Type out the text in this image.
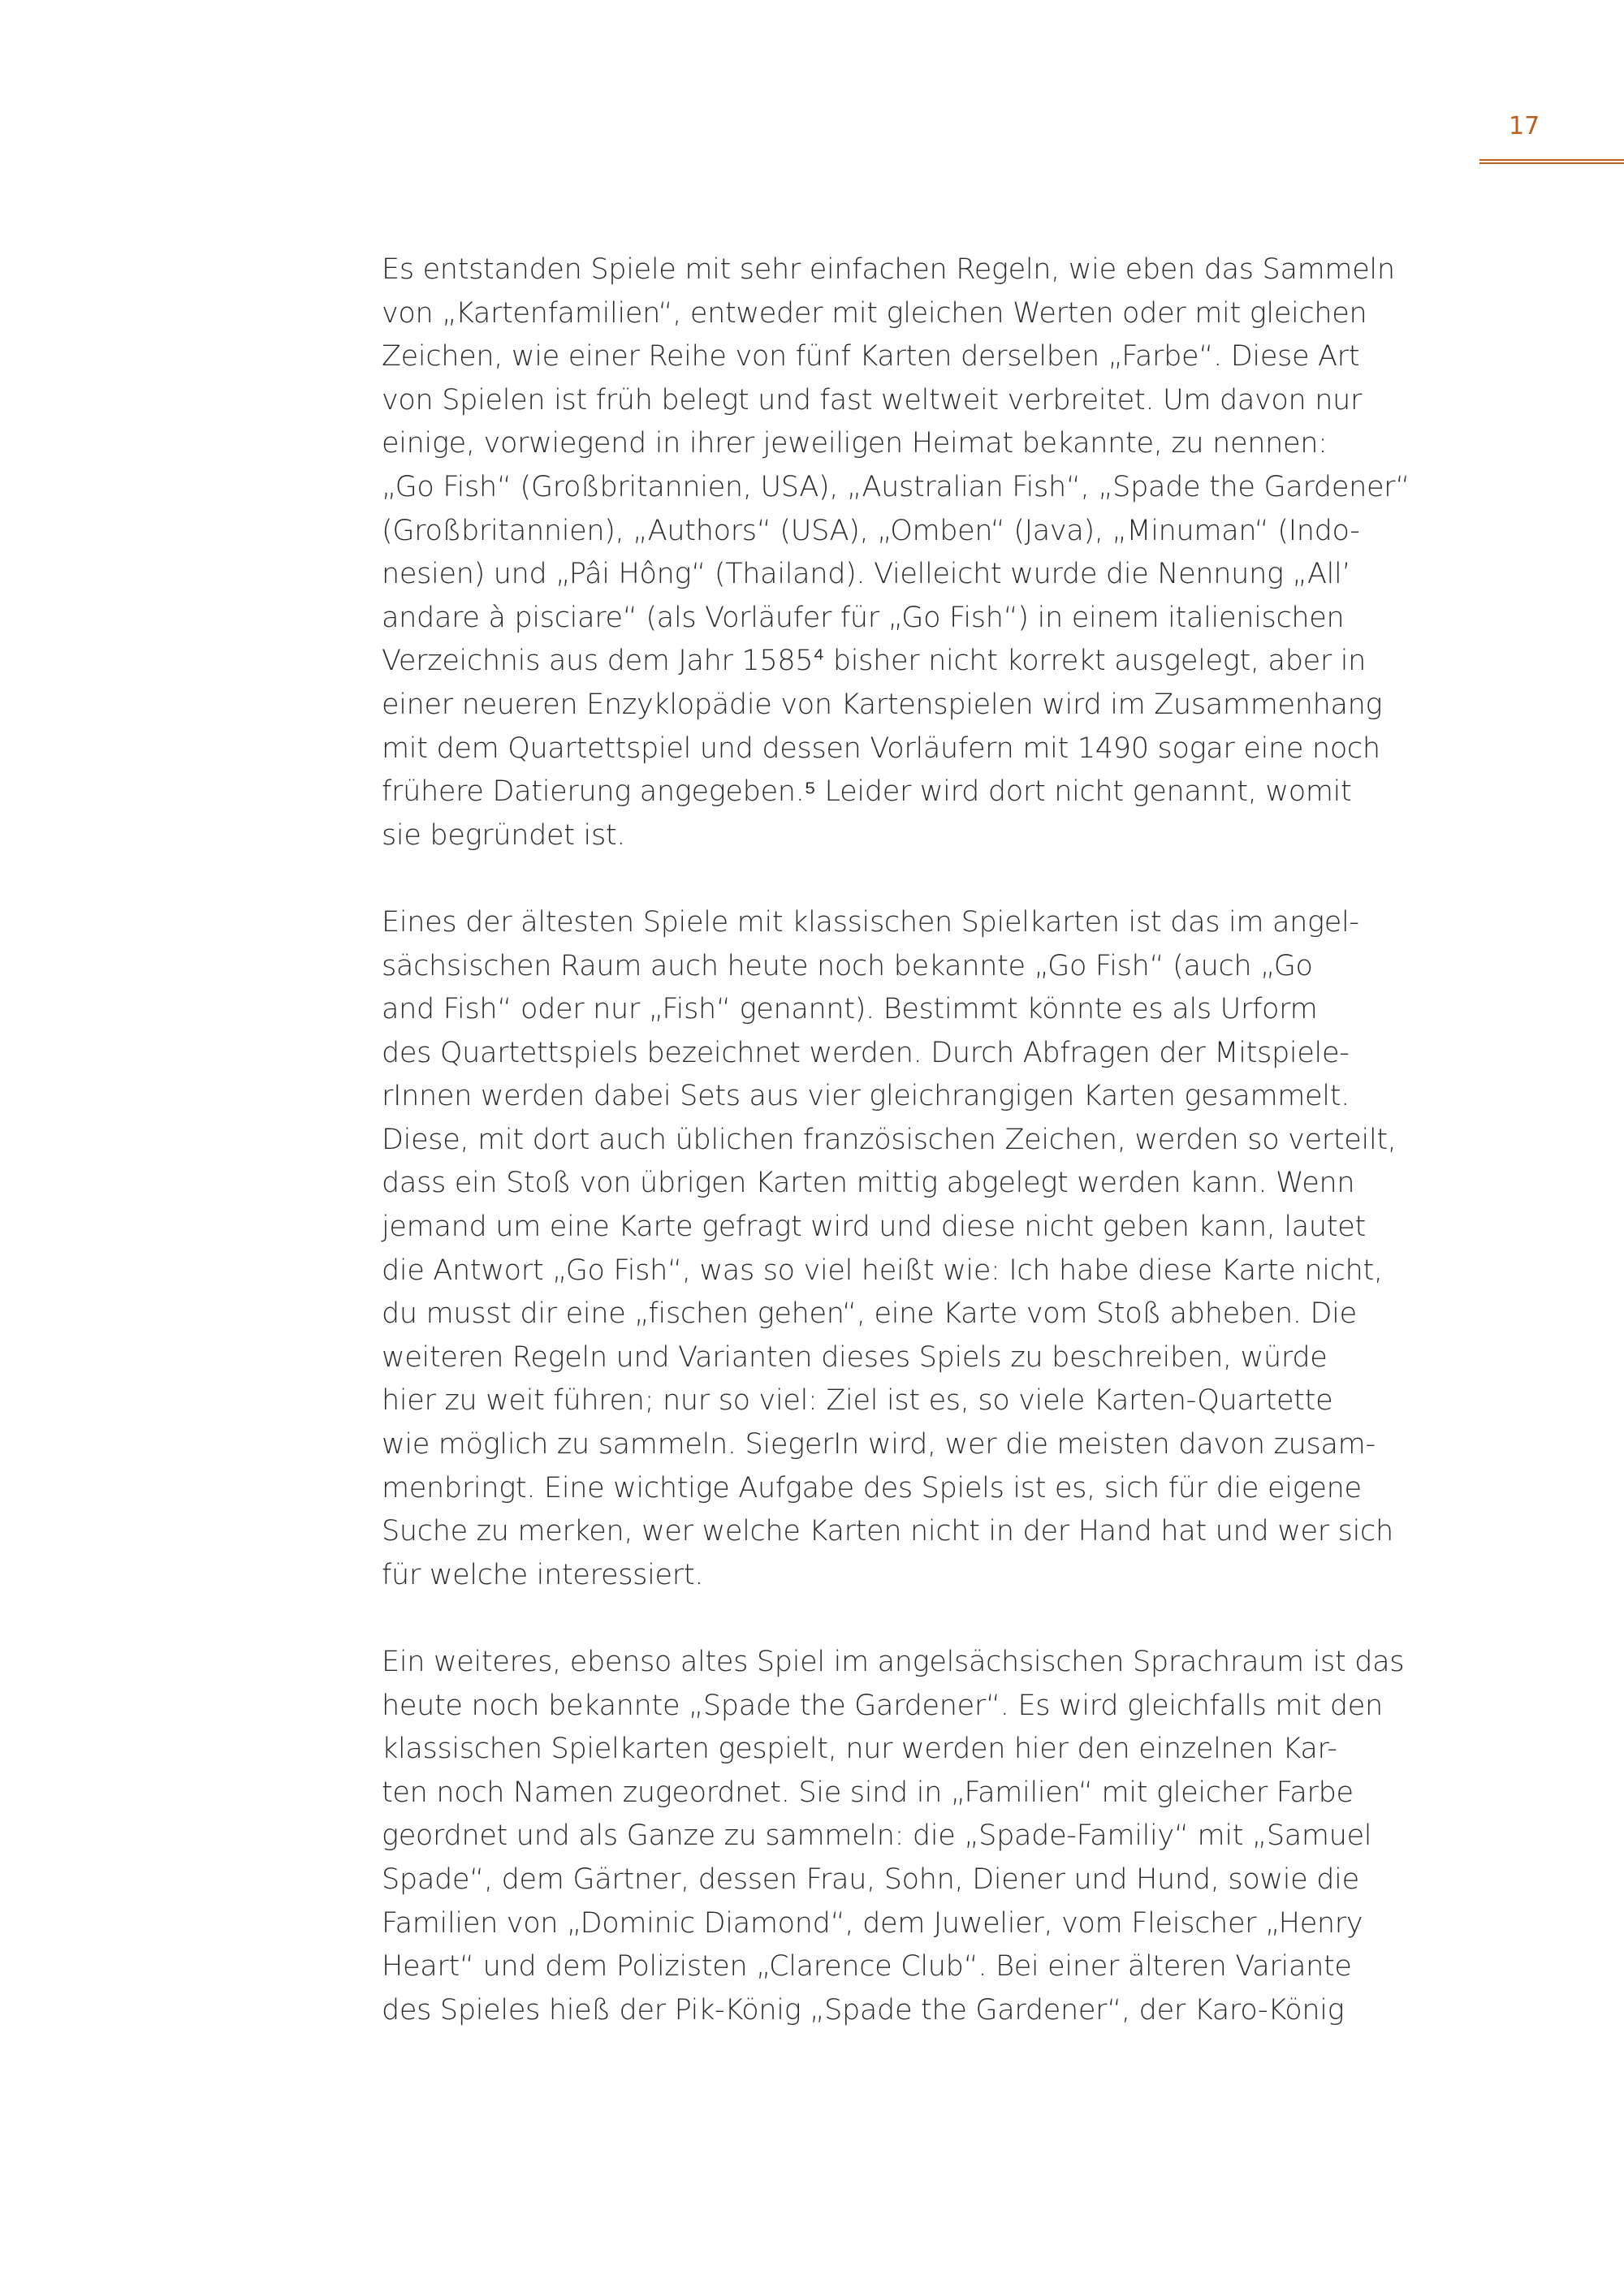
17

Es entstanden Spiele mit sehr einfachen Regeln, wie eben das Sammeln
von „Kartenfamilien“, entweder mit gleichen Werten oder mit gleichen
Zeichen, wie einer Reihe von fünf Karten derselben „Farbe“. Diese Art
von Spielen ist früh belegt und fast weltweit verbreitet. Um davon nur
einige, vorwiegend in ihrer jeweiligen Heimat bekannte, zu nennen:
„Go Fish“ (Großbritannien, USA), „Australian Fish“, „Spade the Gardener“
(Großbritannien), „Authors“ (USA), „Omben“ (Java), „Minuman“ (Indo-
nesien) und „Pâi Hông“ (Thailand). Vielleicht wurde die Nennung „All’
andare à pisciare“ (als Vorläufer für „Go Fish“) in einem italienischen
Verzeichnis aus dem Jahr 1585⁴ bisher nicht korrekt ausgelegt, aber in
einer neueren Enzyklopädie von Kartenspielen wird im Zusammenhang
mit dem Quartettspiel und dessen Vorläufern mit 1490 sogar eine noch
frühere Datierung angegeben.⁵ Leider wird dort nicht genannt, womit
sie begründet ist.

Eines der ältesten Spiele mit klassischen Spielkarten ist das im angel-
sächsischen Raum auch heute noch bekannte „Go Fish“ (auch „Go
and Fish“ oder nur „Fish“ genannt). Bestimmt könnte es als Urform
des Quartettspiels bezeichnet werden. Durch Abfragen der Mitspiele-
rInnen werden dabei Sets aus vier gleichrangigen Karten gesammelt.
Diese, mit dort auch üblichen französischen Zeichen, werden so verteilt,
dass ein Stoß von übrigen Karten mittig abgelegt werden kann. Wenn
jemand um eine Karte gefragt wird und diese nicht geben kann, lautet
die Antwort „Go Fish“, was so viel heißt wie: Ich habe diese Karte nicht,
du musst dir eine „fischen gehen“, eine Karte vom Stoß abheben. Die
weiteren Regeln und Varianten dieses Spiels zu beschreiben, würde
hier zu weit führen; nur so viel: Ziel ist es, so viele Karten-Quartette
wie möglich zu sammeln. SiegerIn wird, wer die meisten davon zusam-
menbringt. Eine wichtige Aufgabe des Spiels ist es, sich für die eigene
Suche zu merken, wer welche Karten nicht in der Hand hat und wer sich
für welche interessiert.

Ein weiteres, ebenso altes Spiel im angelsächsischen Sprachraum ist das
heute noch bekannte „Spade the Gardener“. Es wird gleichfalls mit den
klassischen Spielkarten gespielt, nur werden hier den einzelnen Kar-
ten noch Namen zugeordnet. Sie sind in „Familien“ mit gleicher Farbe
geordnet und als Ganze zu sammeln: die „Spade-Familiy“ mit „Samuel
Spade“, dem Gärtner, dessen Frau, Sohn, Diener und Hund, sowie die
Familien von „Dominic Diamond“, dem Juwelier, vom Fleischer „Henry
Heart“ und dem Polizisten „Clarence Club“. Bei einer älteren Variante
des Spieles hieß der Pik-König „Spade the Gardener“, der Karo-König
